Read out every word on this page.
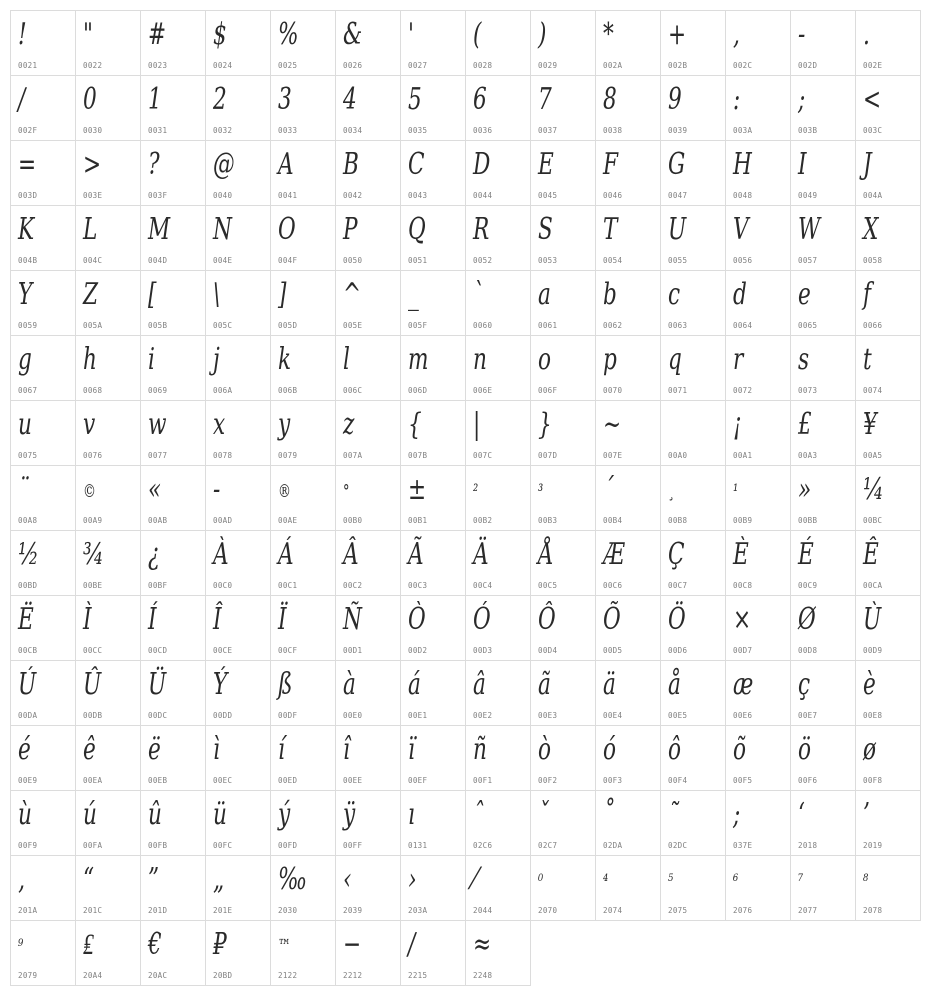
!
0021
"
0022
#
0023
$
0024
%
0025
&
0026
'
0027
(
0028
)
0029
*
002A
+
002B
,
002C
-
002D
.
002E
/
002F
0
0030
1
0031
2
0032
3
0033
4
0034
5
0035
6
0036
7
0037
8
0038
9
0039
:
003A
;
003B
<
003C
=
003D
>
003E
?
003F
@
0040
A
0041
B
0042
C
0043
D
0044
E
0045
F
0046
G
0047
H
0048
I
0049
J
004A
K
004B
L
004C
M
004D
N
004E
O
004F
P
0050
Q
0051
R
0052
S
0053
T
0054
U
0055
V
0056
W
0057
X
0058
Y
0059
Z
005A
[
005B
\
005C
]
005D
^
005E
_
005F
`
0060
a
0061
b
0062
c
0063
d
0064
e
0065
f
0066
g
0067
h
0068
i
0069
j
006A
k
006B
l
006C
m
006D
n
006E
o
006F
p
0070
q
0071
r
0072
s
0073
t
0074
u
0075
v
0076
w
0077
x
0078
y
0079
z
007A
{
007B
|
007C
}
007D
~
007E	00A0
¡
00A1
£
00A3
¥
00A5
¨
00A8
©
00A9
«
00AB
-
00AD
®
00AE
°
00B0
±
00B1
²
00B2
³
00B3
´
00B4
¸
00B8
¹
00B9
»
00BB
¼
00BC
½
00BD
¾
00BE
¿
00BF
À
00C0
Á
00C1
Â
00C2
Ã
00C3
Ä
00C4
Å
00C5
Æ
00C6
Ç
00C7
È
00C8
É
00C9
Ê
00CA
Ë
00CB
Ì
00CC
Í
00CD
Î
00CE
Ï
00CF
Ñ
00D1
Ò
00D2
Ó
00D3
Ô
00D4
Õ
00D5
Ö
00D6
×
00D7
Ø
00D8
Ù
00D9
Ú
00DA
Û
00DB
Ü
00DC
Ý
00DD
ß
00DF
à
00E0
á
00E1
â
00E2
ã
00E3
ä
00E4
å
00E5
æ
00E6
ç
00E7
è
00E8
é
00E9
ê
00EA
ë
00EB
ì
00EC
í
00ED
î
00EE
ï
00EF
ñ
00F1
ò
00F2
ó
00F3
ô
00F4
õ
00F5
ö
00F6
ø
00F8
ù
00F9
ú
00FA
û
00FB
ü
00FC
ý
00FD
ÿ
00FF
ı
0131
ˆ
02C6
ˇ
02C7
˚
02DA
˜
02DC
;
037E
‘
2018
’
2019
‚
201A
“
201C
”
201D
„
201E
‰
2030
‹
2039
›
203A
⁄
2044
⁰
2070
⁴
2074
⁵
2075
⁶
2076
⁷
2077
⁸
2078
⁹
2079
₤
20A4
€
20AC
₽
20BD
™
2122
−
2212
∕
2215
≈
2248
